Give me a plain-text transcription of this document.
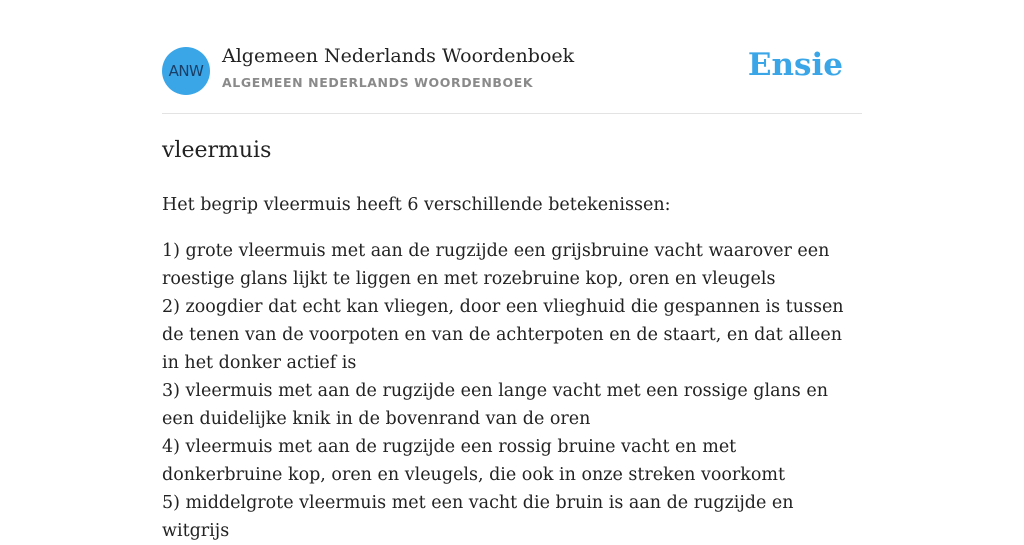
ANW
Algemeen Nederlands Woordenboek
ALGEMEEN NEDERLANDS WOORDENBOEK	Ensie
vleermuis

Het begrip vleermuis heeft 6 verschillende betekenissen:

1) grote vleermuis met aan de rugzijde een grijsbruine vacht waarover een roestige glans lijkt te liggen en met rozebruine kop, oren en vleugels
2) zoogdier dat echt kan vliegen, door een vlieghuid die gespannen is tussen de tenen van de voorpoten en van de achterpoten en de staart, en dat alleen in het donker actief is
3) vleermuis met aan de rugzijde een lange vacht met een rossige glans en een duidelijke knik in de bovenrand van de oren
4) vleermuis met aan de rugzijde een rossig bruine vacht en met donkerbruine kop, oren en vleugels, die ook in onze streken voorkomt
5) middelgrote vleermuis met een vacht die bruin is aan de rugzijde en witgrijs
